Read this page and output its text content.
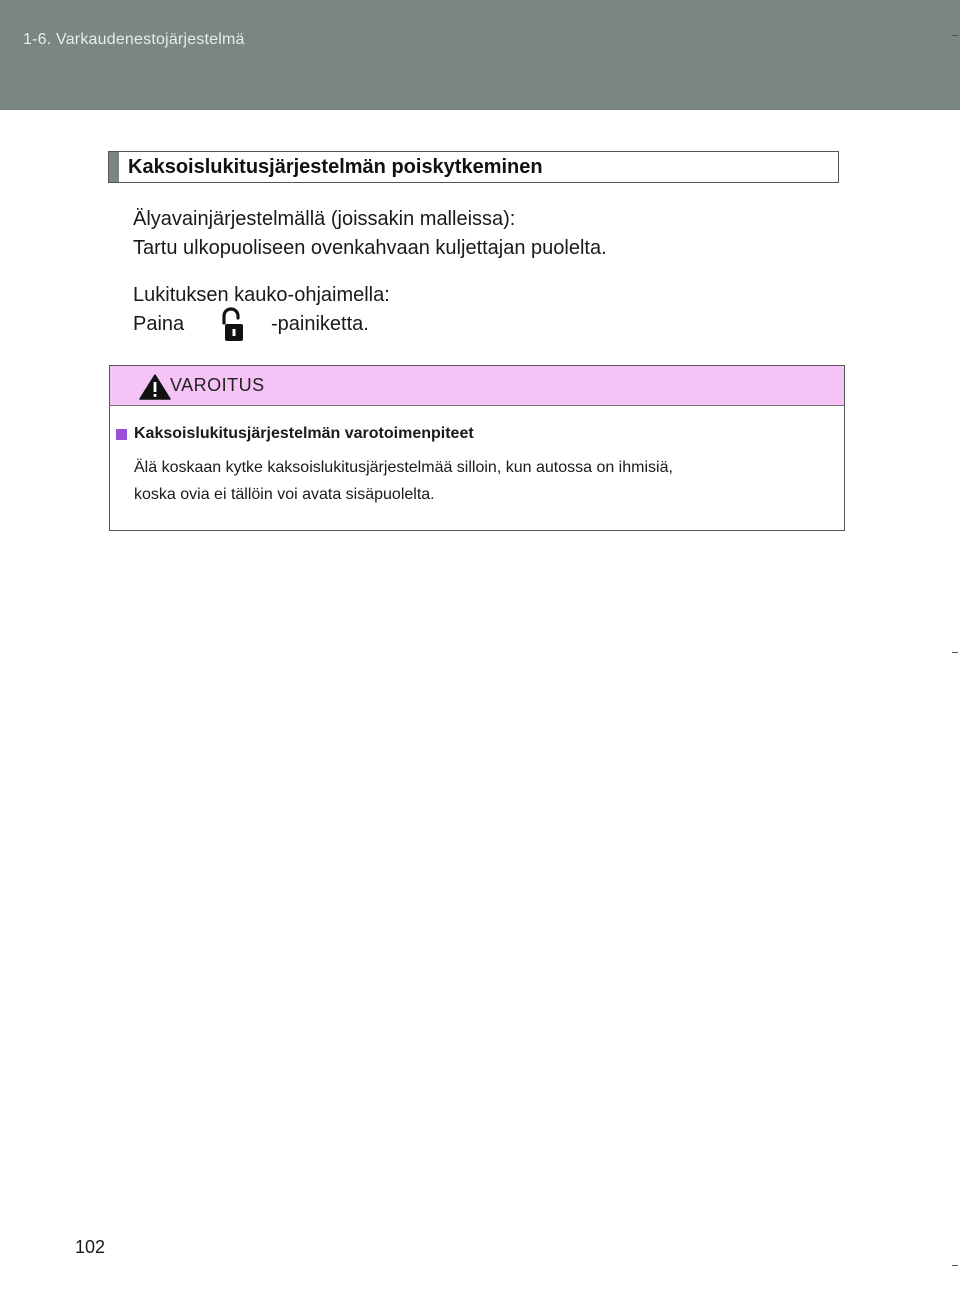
1-6. Varkaudenestojärjestelmä
Kaksoislukitusjärjestelmän poiskytkeminen
Älyavainjärjestelmällä (joissakin malleissa):
Tartu ulkopuoliseen ovenkahvaan kuljettajan puolelta.
Lukituksen kauko-ohjaimella:
Paina	-painiketta.
VAROITUS
Kaksoislukitusjärjestelmän varotoimenpiteet
Älä koskaan kytke kaksoislukitusjärjestelmää silloin, kun autossa on ihmisiä,
koska ovia ei tällöin voi avata sisäpuolelta.
102
